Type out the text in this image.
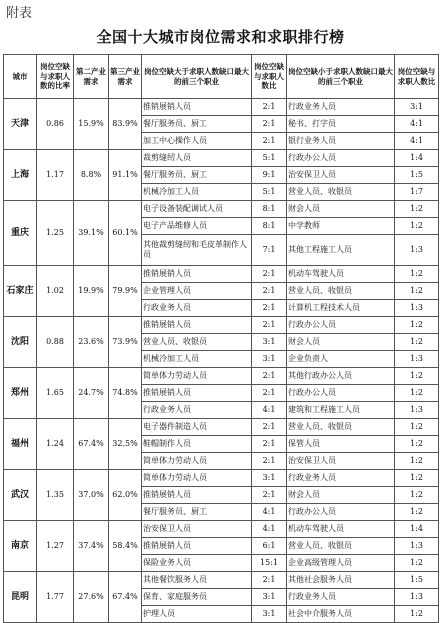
附表
全国十大城市岗位需求和求职排行榜
城市	岗位空缺与求职人数的比率	第二产业需求	第三产业需求	岗位空缺大于求职人数缺口最大的前三个职业	岗位空缺与求职人数比	岗位空缺小于求职人数缺口最大的前三个职业	岗位空缺与求职人数比
天津	0.86	15.9%	83.9%	推销展销人员	2:1	行政业务人员	3:1
				餐厅服务员、厨工	2:1	秘书、打字员	4:1
				加工中心操作人员	2:1	银行业务人员	4:1
上海	1.17	8.8%	91.1%	裁剪缝纫人员	5:1	行政办公人员	1:4
				餐厅服务员、厨工	9:1	治安保卫人员	1:5
				机械冷加工人员	5:1	营业人员、收银员	1:7
重庆	1.25	39.1%	60.1%	电子设备装配调试人员	8:1	财会人员	1:2
				电子产品维修人员	8:1	中学教师	1:2
				其他裁剪缝纫和毛皮革制作人员	7:1	其他工程施工人员	1:3
石家庄	1.02	19.9%	79.9%	推销展销人员	2:1	机动车驾驶人员	1:2
				企业管理人员	2:1	营业人员、收银员	1:2
				行政业务人员	2:1	计算机工程技术人员	1:3
沈阳	0.88	23.6%	73.9%	推销展销人员	2:1	行政办公人员	1:2
				营业人员、收银员	3:1	财会人员	1:2
				机械冷加工人员	3:1	企业负责人	1:3
郑州	1.65	24.7%	74.8%	简单体力劳动人员	2:1	其他行政办公人员	1:2
				推销展销人员	2:1	行政办公人员	1:2
				行政业务人员	4:1	建筑和工程施工人员	1:3
福州	1.24	67.4%	32.5%	电子器件制造人员	2:1	营业人员、收银员	1:2
				鞋帽制作人员	2:1	保管人员	1:2
				简单体力劳动人员	2:1	治安保卫人员	1:2
武汉	1.35	37.0%	62.0%	简单体力劳动人员	3:1	行政业务人员	1:2
				推销展销人员	2:1	财会人员	1:2
				餐厅服务员、厨工	4:1	行政办公人员	1:2
南京	1.27	37.4%	58.4%	治安保卫人员	4:1	机动车驾驶人员	1:4
				推销展销人员	6:1	营业人员、收银员	1:3
				保险业务人员	15:1	企业高级管理人员	1:2
昆明	1.77	27.6%	67.4%	其他餐饮服务人员	2:1	其他社会服务人员	1:5
				保育、家庭服务员	3:1	行政业务人员	1:3
				护理人员	3:1	社会中介服务人员	1:2
